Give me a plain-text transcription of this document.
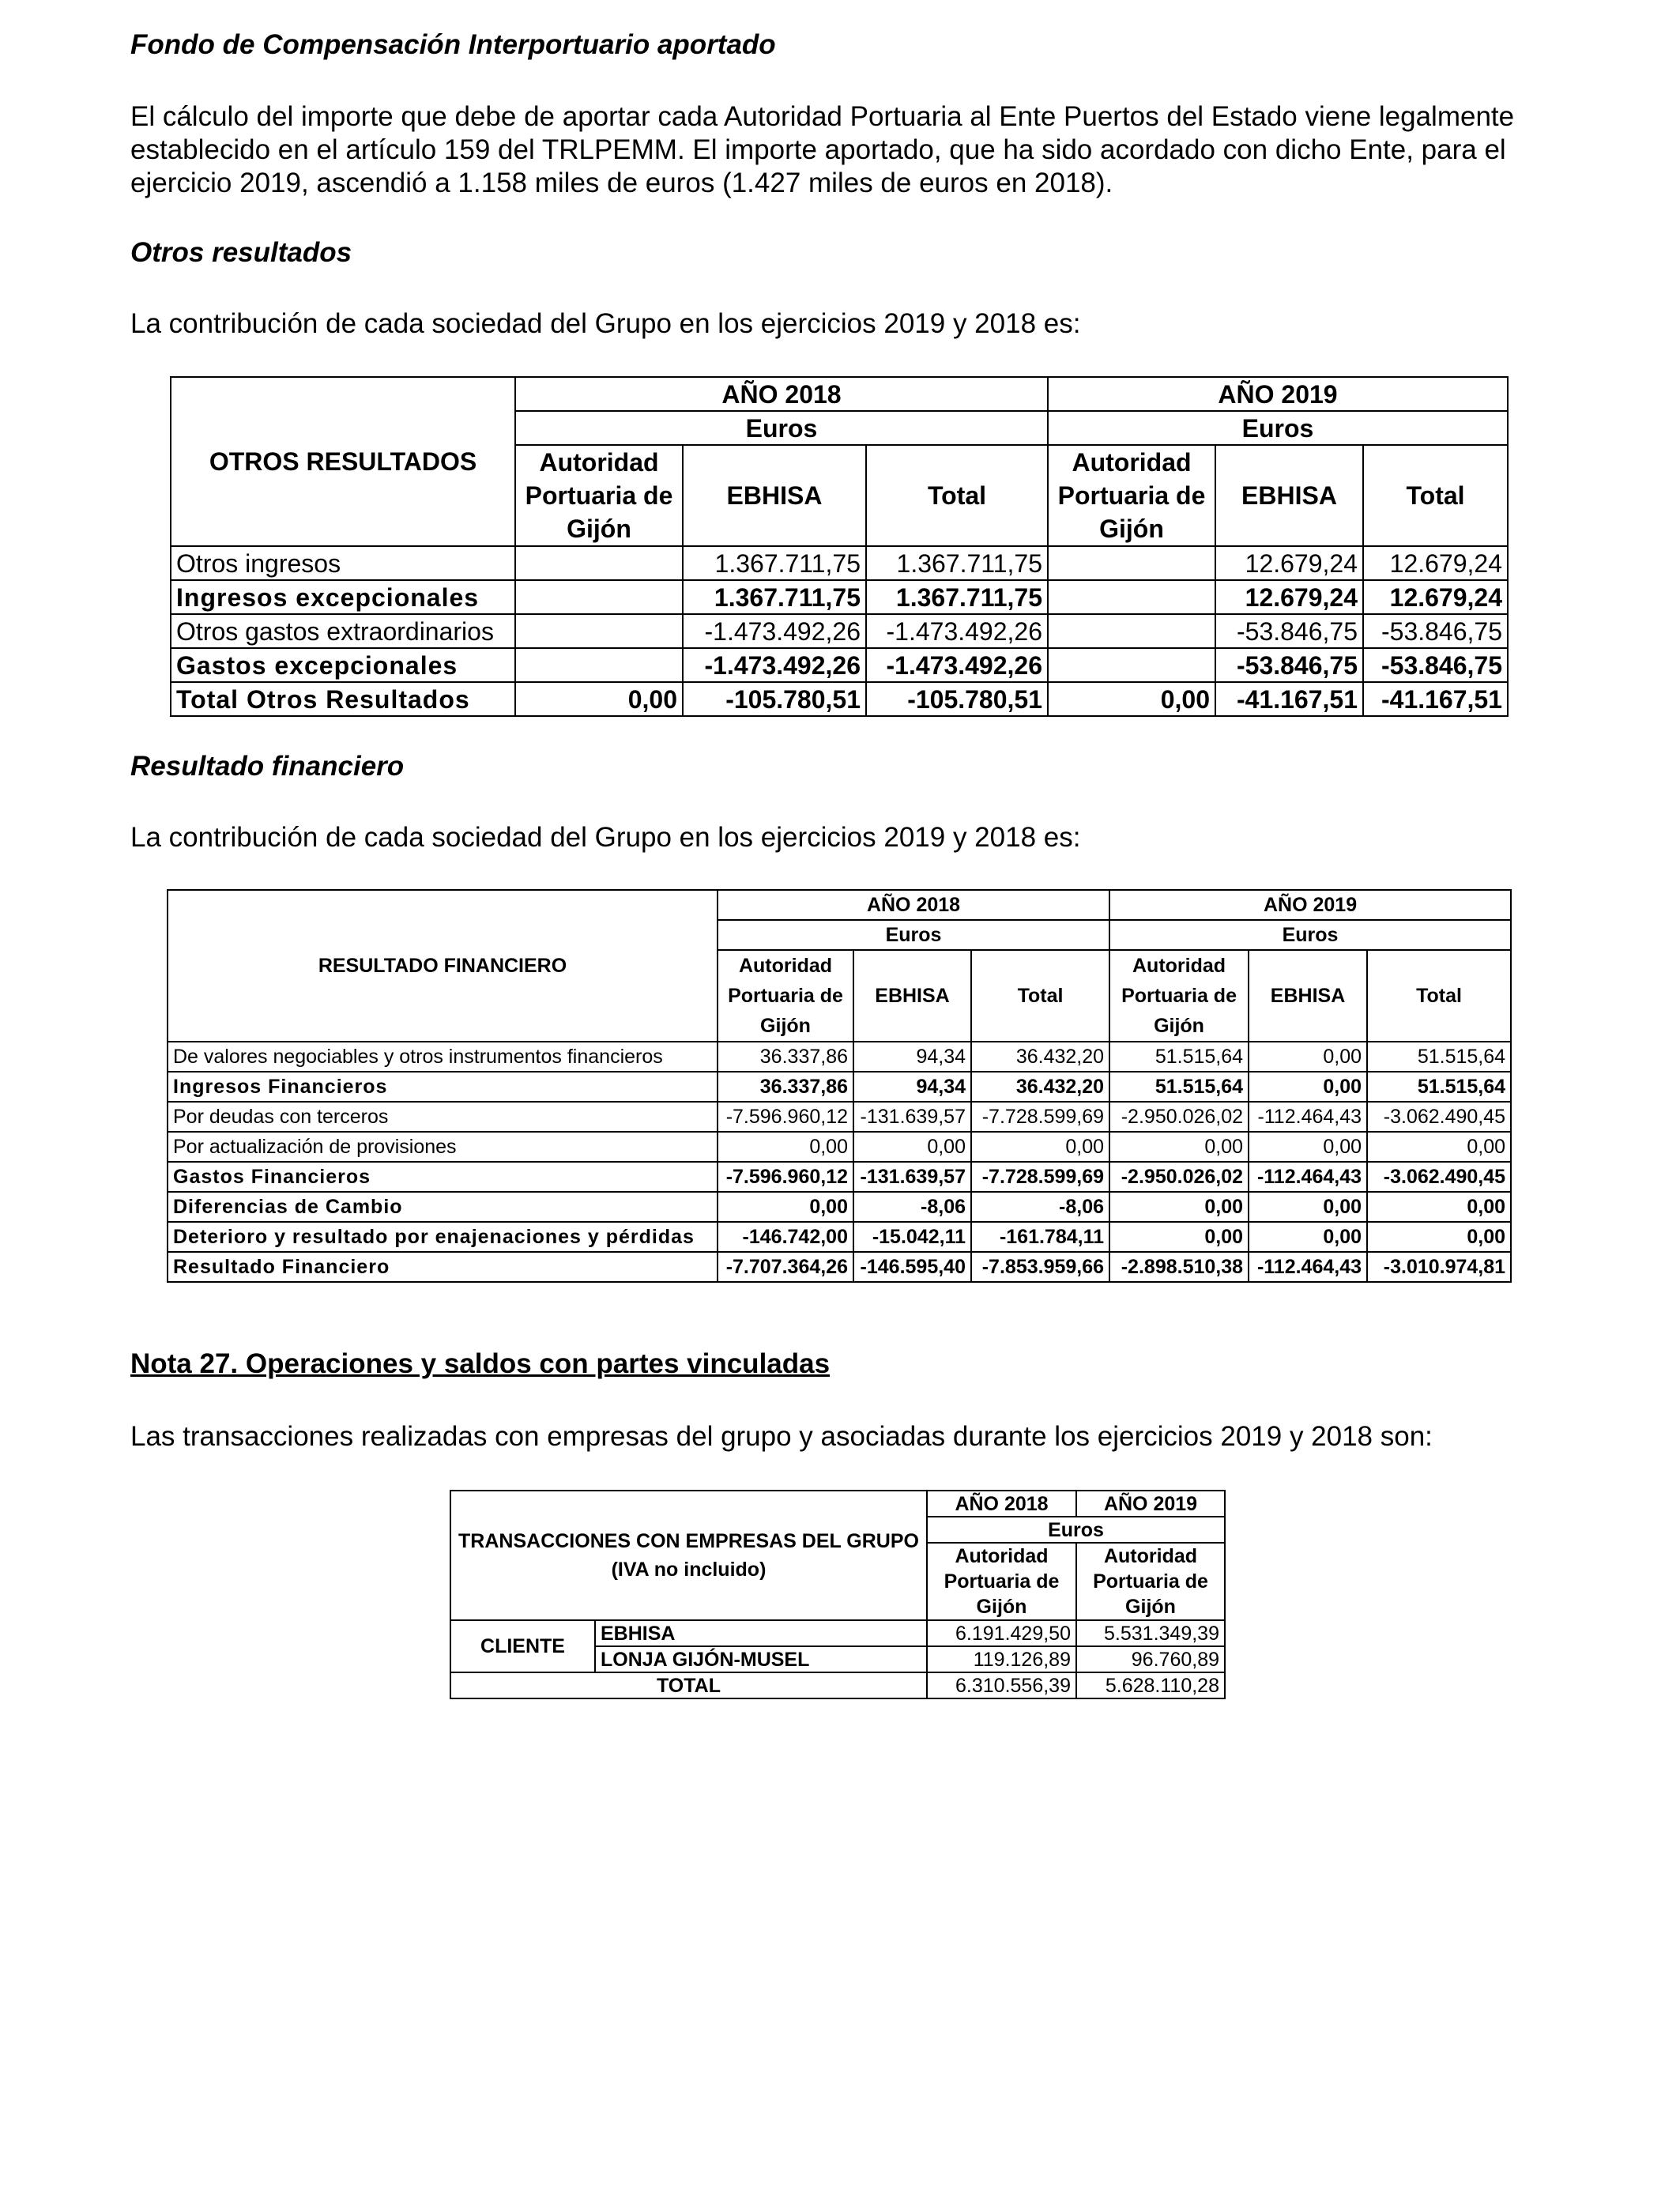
Fondo de Compensación Interportuario aportado

El cálculo del importe que debe de aportar cada Autoridad Portuaria al Ente Puertos del Estado viene legalmente establecido en el artículo 159 del TRLPEMM. El importe aportado, que ha sido acordado con dicho Ente, para el ejercicio 2019, ascendió a 1.158 miles de euros (1.427 miles de euros en 2018).

Otros resultados

La contribución de cada sociedad del Grupo en los ejercicios 2019 y 2018 es:

OTROS RESULTADOS	AÑO 2018			AÑO 2019		
	Euros			Euros		
	Autoridad Portuaria de Gijón	EBHISA	Total	Autoridad Portuaria de Gijón	EBHISA	Total
Otros ingresos		1.367.711,75	1.367.711,75		12.679,24	12.679,24
Ingresos excepcionales		1.367.711,75	1.367.711,75		12.679,24	12.679,24
Otros gastos extraordinarios		-1.473.492,26	-1.473.492,26		-53.846,75	-53.846,75
Gastos excepcionales		-1.473.492,26	-1.473.492,26		-53.846,75	-53.846,75
Total Otros Resultados	0,00	-105.780,51	-105.780,51	0,00	-41.167,51	-41.167,51

Resultado financiero

La contribución de cada sociedad del Grupo en los ejercicios 2019 y 2018 es:

RESULTADO FINANCIERO	AÑO 2018			AÑO 2019		
	Euros			Euros		
	Autoridad Portuaria de Gijón	EBHISA	Total	Autoridad Portuaria de Gijón	EBHISA	Total
De valores negociables y otros instrumentos financieros	36.337,86	94,34	36.432,20	51.515,64	0,00	51.515,64
Ingresos Financieros	36.337,86	94,34	36.432,20	51.515,64	0,00	51.515,64
Por deudas con terceros	-7.596.960,12	-131.639,57	-7.728.599,69	-2.950.026,02	-112.464,43	-3.062.490,45
Por actualización de provisiones	0,00	0,00	0,00	0,00	0,00	0,00
Gastos Financieros	-7.596.960,12	-131.639,57	-7.728.599,69	-2.950.026,02	-112.464,43	-3.062.490,45
Diferencias de Cambio	0,00	-8,06	-8,06	0,00	0,00	0,00
Deterioro y resultado por enajenaciones y pérdidas	-146.742,00	-15.042,11	-161.784,11	0,00	0,00	0,00
Resultado Financiero	-7.707.364,26	-146.595,40	-7.853.959,66	-2.898.510,38	-112.464,43	-3.010.974,81

Nota 27. Operaciones y saldos con partes vinculadas

Las transacciones realizadas con empresas del grupo y asociadas durante los ejercicios 2019 y 2018 son:

TRANSACCIONES CON EMPRESAS DEL GRUPO (IVA no incluido)		AÑO 2018	AÑO 2019
		Euros	
		Autoridad Portuaria de Gijón	Autoridad Portuaria de Gijón
CLIENTE	EBHISA	6.191.429,50	5.531.349,39
	LONJA GIJÓN-MUSEL	119.126,89	96.760,89
TOTAL		6.310.556,39	5.628.110,28
